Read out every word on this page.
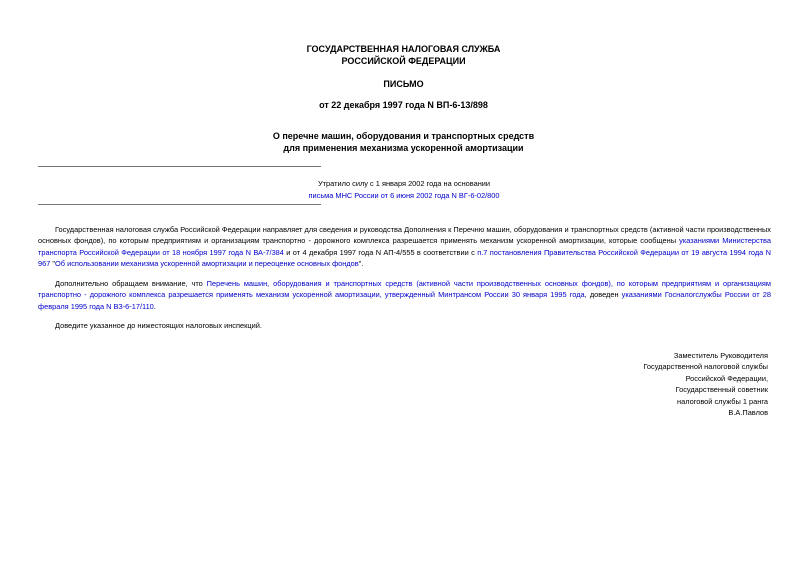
ГОСУДАРСТВЕННАЯ НАЛОГОВАЯ СЛУЖБА
РОССИЙСКОЙ ФЕДЕРАЦИИ
ПИСЬМО
от 22 декабря 1997 года N ВП-6-13/898
О перечне машин, оборудования и транспортных средств
для применения механизма ускоренной амортизации
Утратило силу с 1 января 2002 года на основании
письма МНС России от 6 июня 2002 года N ВГ-6-02/800
Государственная налоговая служба Российской Федерации направляет для сведения и руководства Дополнения к Перечню машин, оборудования и транспортных средств (активной части производственных основных фондов), по которым предприятиям и организациям транспортно - дорожного комплекса разрешается применять механизм ускоренной амортизации, которые сообщены указаниями Министерства транспорта Российской Федерации от 18 ноября 1997 года N ВА-7/384 и от 4 декабря 1997 года N АП-4/555 в соответствии с п.7 постановления Правительства Российской Федерации от 19 августа 1994 года N 967 "Об использовании механизма ускоренной амортизации и переоценке основных фондов".
Дополнительно обращаем внимание, что Перечень машин, оборудования и транспортных средств (активной части производственных основных фондов), по которым предприятиям и организациям транспортно - дорожного комплекса разрешается применять механизм ускоренной амортизации, утвержденный Минтрансом России 30 января 1995 года, доведен указаниями Госналогслужбы России от 28 февраля 1995 года N ВЗ-6-17/110.
Доведите указанное до нижестоящих налоговых инспекций.
Заместитель Руководителя
Государственной налоговой службы
Российской Федерации,
Государственный советник
налоговой службы 1 ранга
В.А.Павлов
